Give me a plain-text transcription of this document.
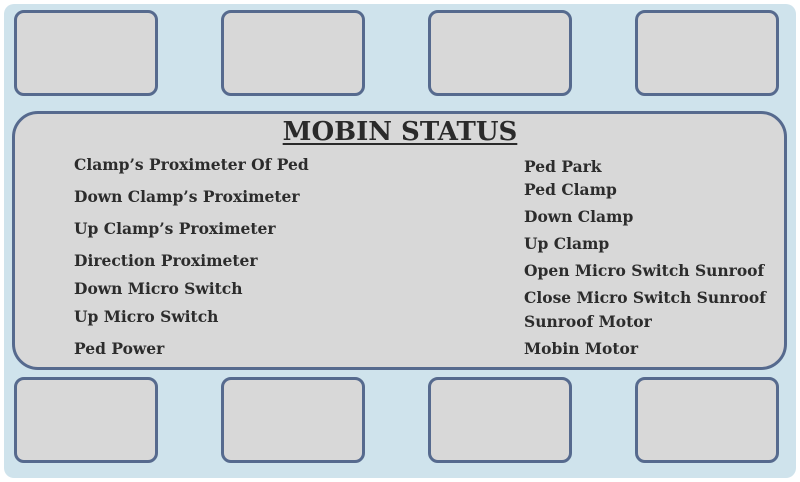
MOBIN STATUS
Clamp’s Proximeter Of Ped
Down Clamp’s Proximeter
Up Clamp’s Proximeter
Direction Proximeter
Down Micro Switch
Up Micro Switch
Ped Power
Ped Park
Ped Clamp
Down Clamp
Up Clamp
Open Micro Switch Sunroof
Close Micro Switch Sunroof
Sunroof Motor
Mobin Motor
